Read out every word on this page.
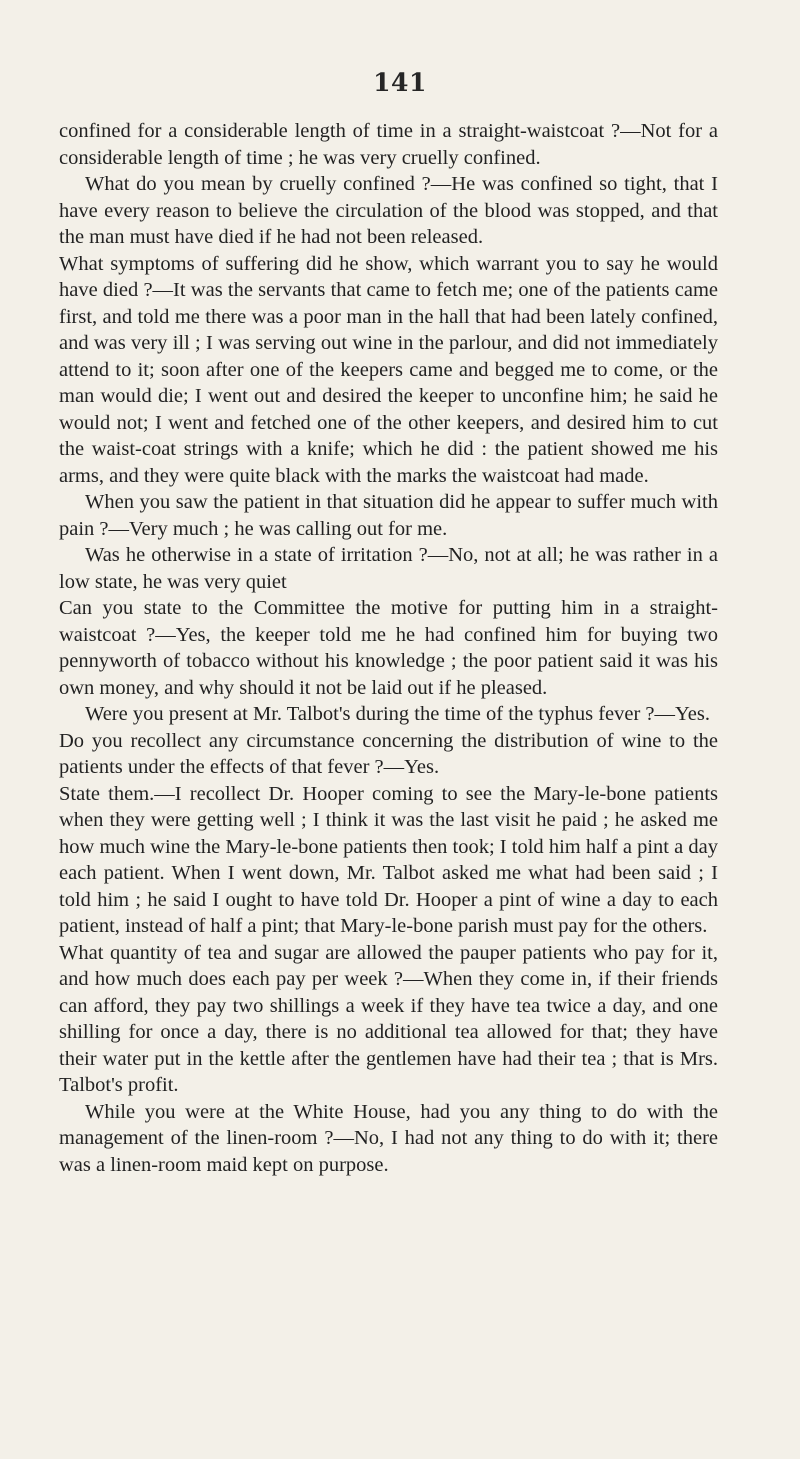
141

confined for a considerable length of time in a straight-waistcoat ?—Not for a considerable length of time ; he was very cruelly confined.

What do you mean by cruelly confined ?—He was confined so tight, that I have every reason to believe the circulation of the blood was stopped, and that the man must have died if he had not been released.

What symptoms of suffering did he show, which warrant you to say he would have died ?—It was the servants that came to fetch me; one of the patients came first, and told me there was a poor man in the hall that had been lately confined, and was very ill ; I was serving out wine in the parlour, and did not immediately attend to it; soon after one of the keepers came and begged me to come, or the man would die; I went out and desired the keeper to unconfine him; he said he would not; I went and fetched one of the other keepers, and desired him to cut the waist-coat strings with a knife; which he did : the patient showed me his arms, and they were quite black with the marks the waistcoat had made.

When you saw the patient in that situation did he appear to suffer much with pain ?—Very much ; he was calling out for me.

Was he otherwise in a state of irritation ?—No, not at all; he was rather in a low state, he was very quiet

Can you state to the Committee the motive for putting him in a straight-waistcoat ?—Yes, the keeper told me he had confined him for buying two pennyworth of tobacco without his knowledge ; the poor patient said it was his own money, and why should it not be laid out if he pleased.

Were you present at Mr. Talbot's during the time of the typhus fever ?—Yes.

Do you recollect any circumstance concerning the distribution of wine to the patients under the effects of that fever ?—Yes.

State them.—I recollect Dr. Hooper coming to see the Mary-le-bone patients when they were getting well ; I think it was the last visit he paid ; he asked me how much wine the Mary-le-bone patients then took; I told him half a pint a day each patient. When I went down, Mr. Talbot asked me what had been said ; I told him ; he said I ought to have told Dr. Hooper a pint of wine a day to each patient, instead of half a pint; that Mary-le-bone parish must pay for the others.

What quantity of tea and sugar are allowed the pauper patients who pay for it, and how much does each pay per week ?—When they come in, if their friends can afford, they pay two shillings a week if they have tea twice a day, and one shilling for once a day, there is no additional tea allowed for that; they have their water put in the kettle after the gentlemen have had their tea ; that is Mrs. Talbot's profit.

While you were at the White House, had you any thing to do with the management of the linen-room ?—No, I had not any thing to do with it; there was a linen-room maid kept on purpose.
